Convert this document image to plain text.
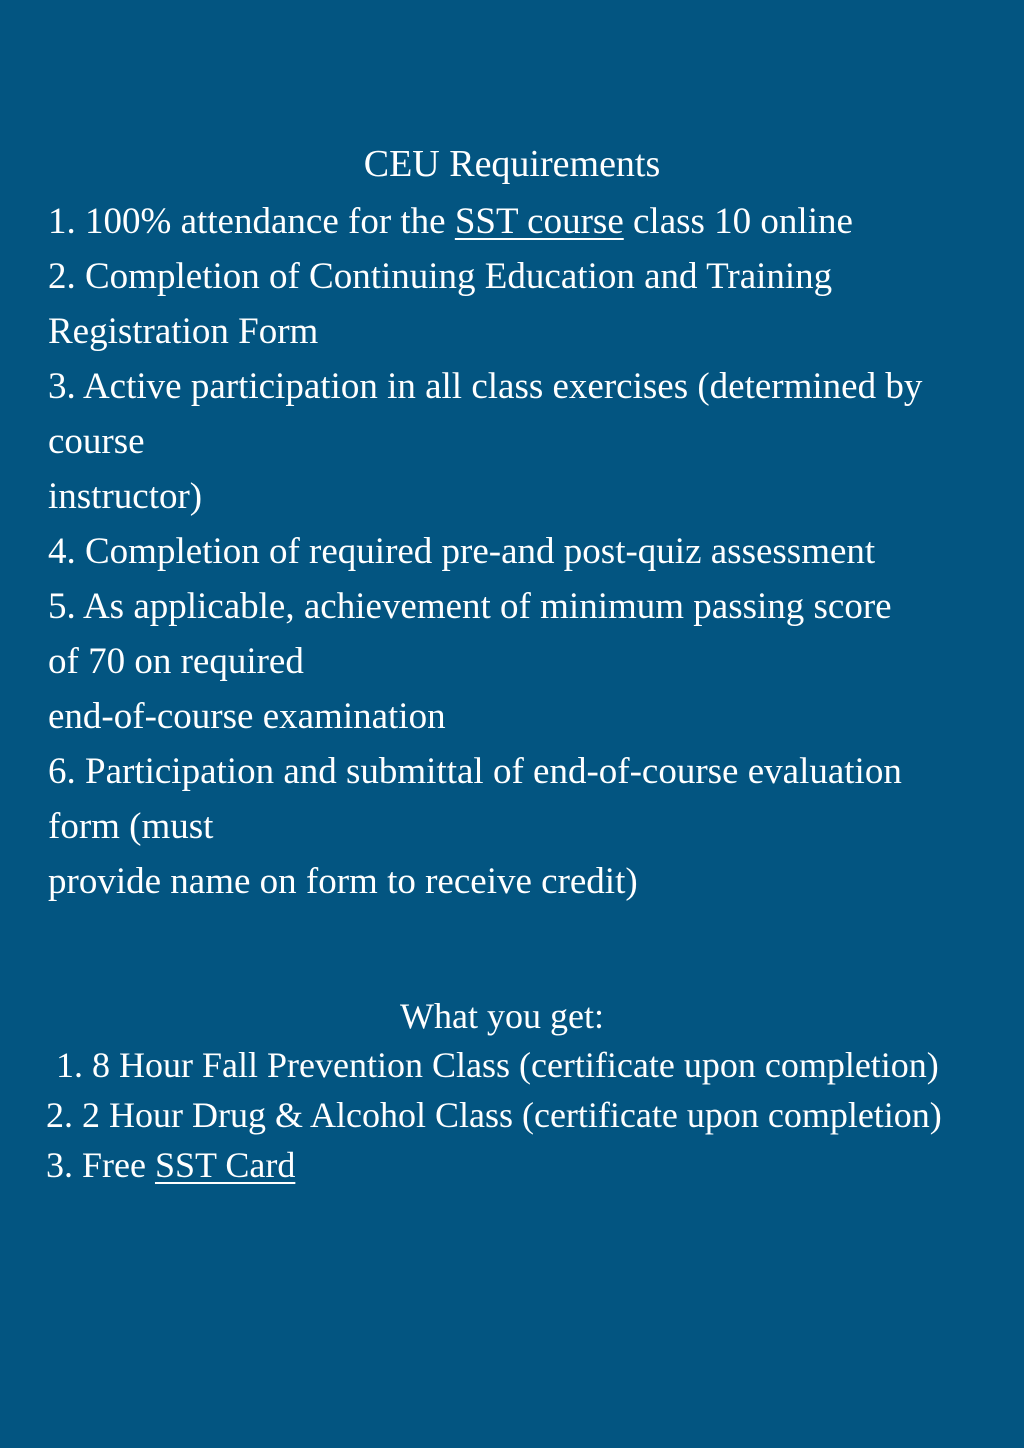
CEU Requirements
1. 100% attendance for the SST course class 10 online
2. Completion of Continuing Education and Training
Registration Form
3. Active participation in all class exercises (determined by
course
instructor)
4. Completion of required pre-and post-quiz assessment
5. As applicable, achievement of minimum passing score
of 70 on required
end-of-course examination
6. Participation and submittal of end-of-course evaluation
form (must
provide name on form to receive credit)
What you get:
1. 8 Hour Fall Prevention Class (certificate upon completion)
2. 2 Hour Drug & Alcohol Class (certificate upon completion)
3. Free SST Card
